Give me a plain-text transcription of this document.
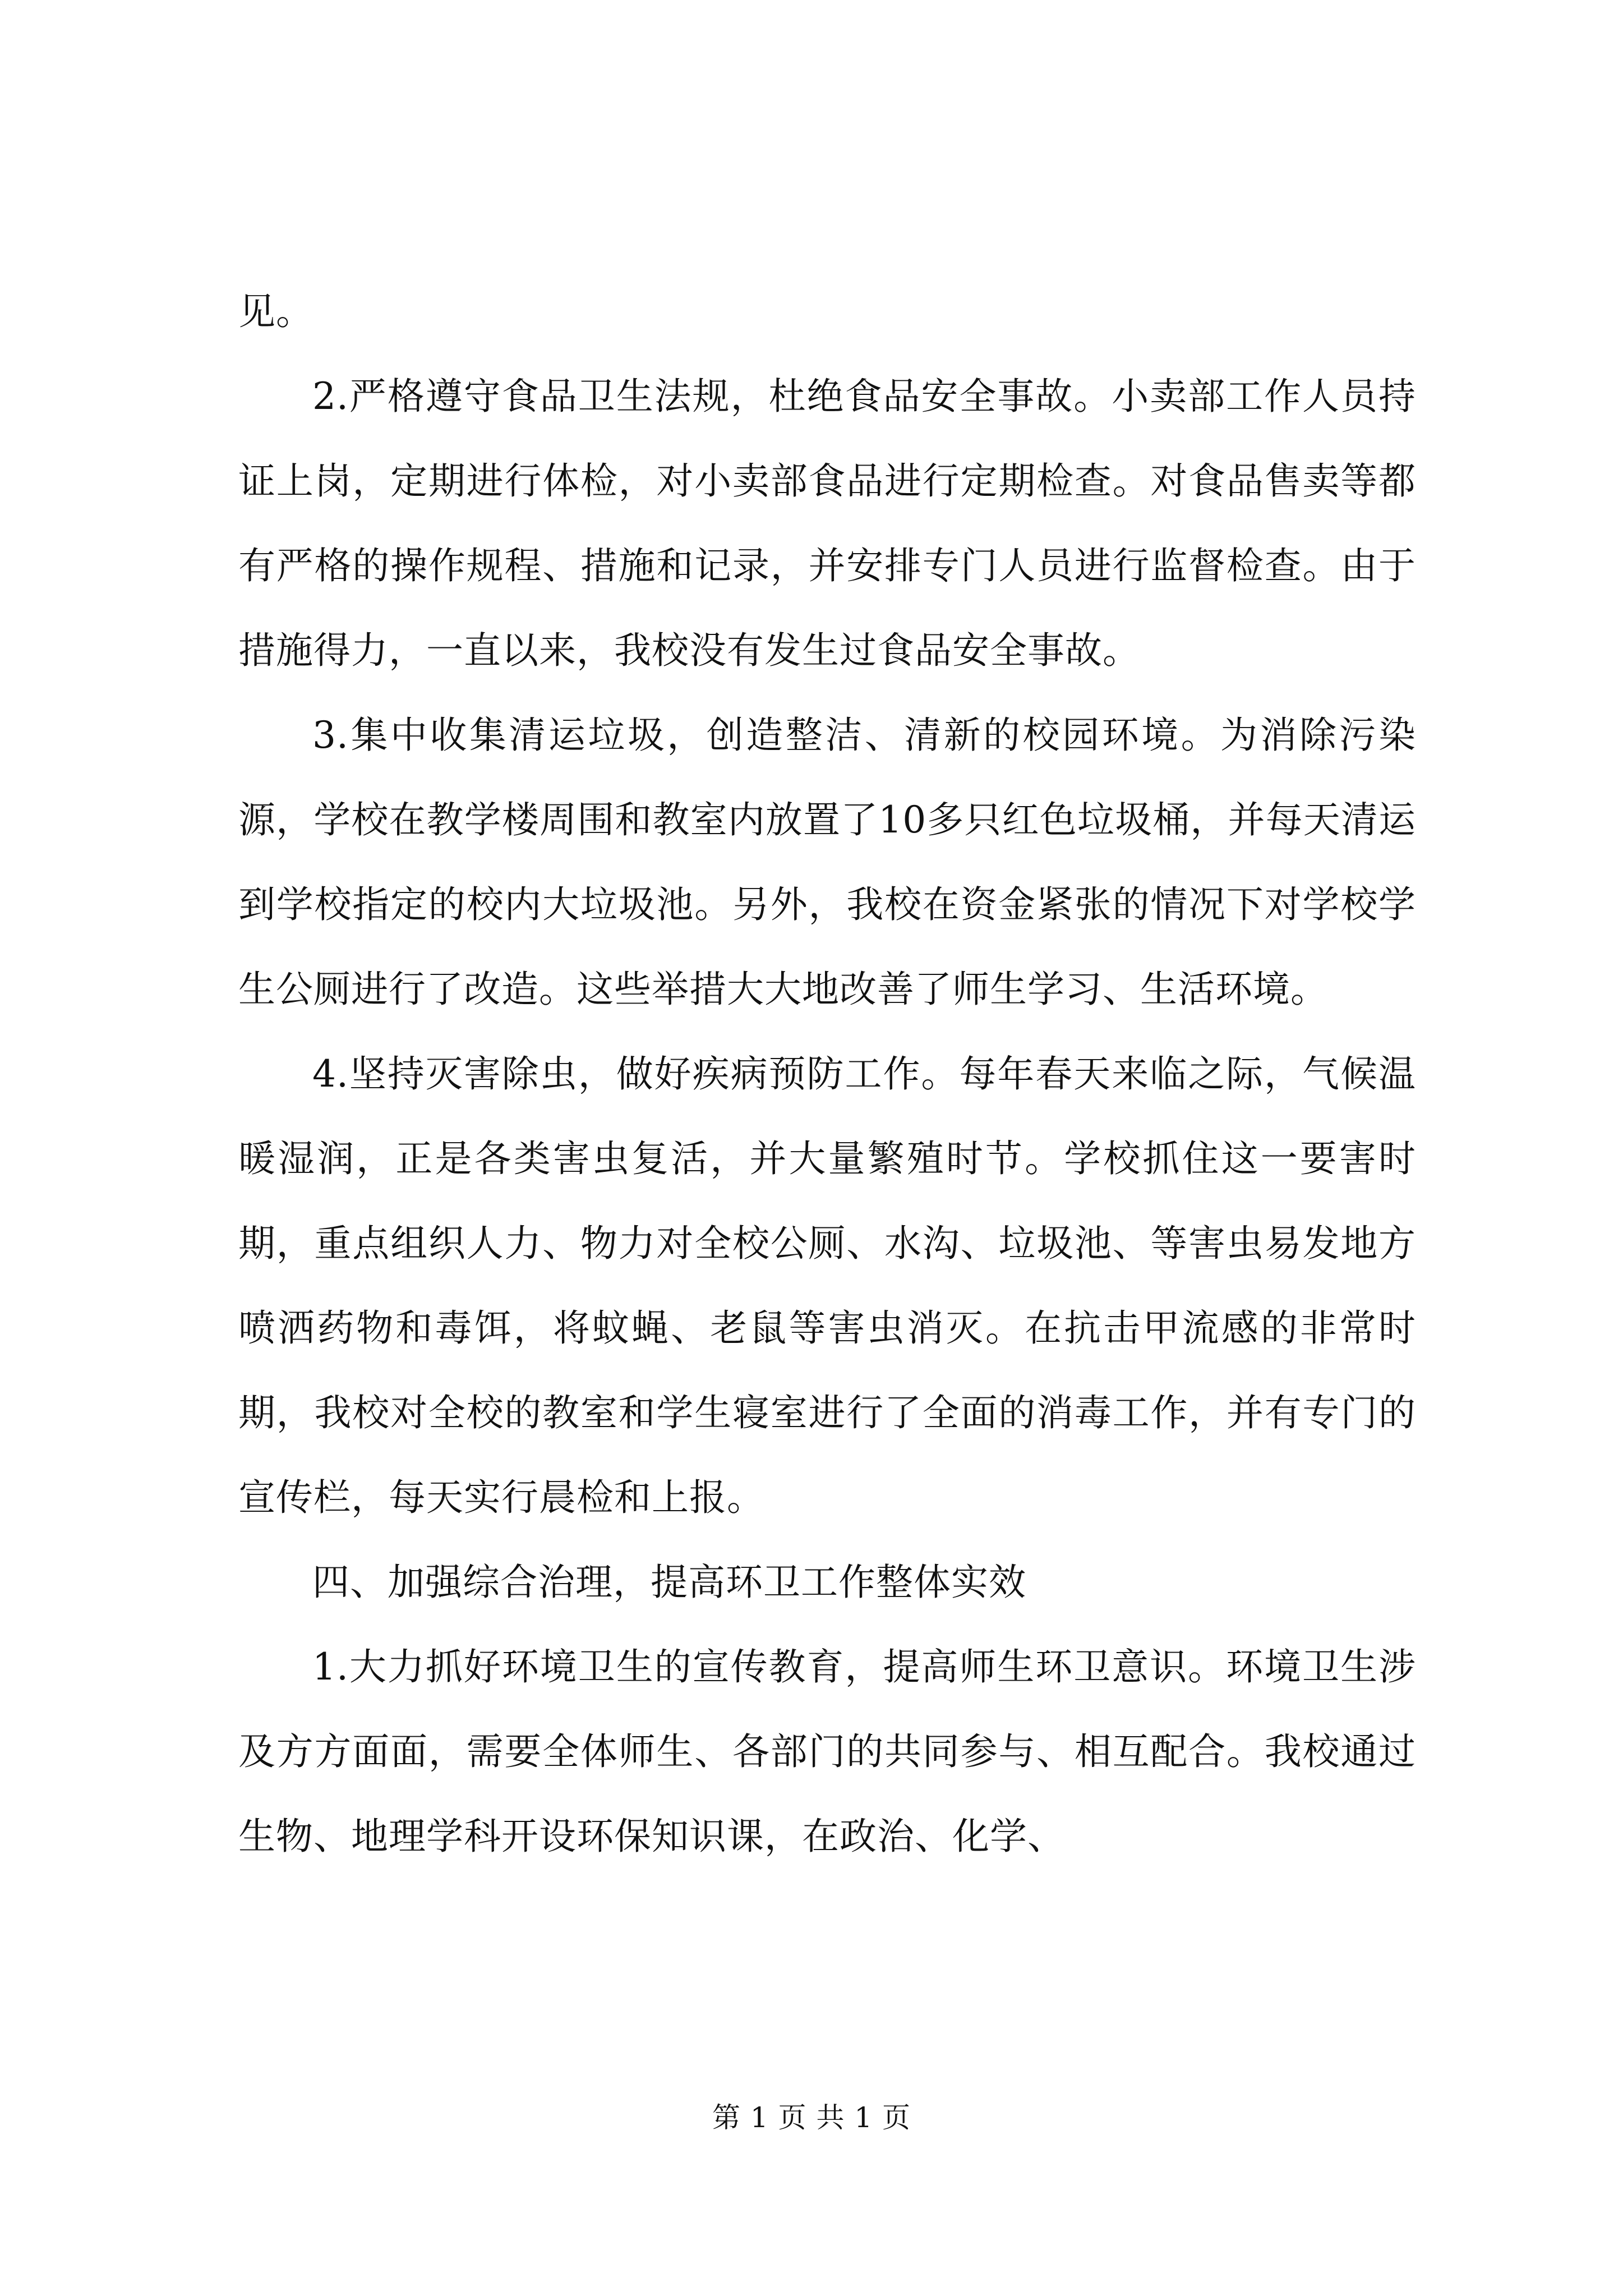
见。

2.严格遵守食品卫生法规，杜绝食品安全事故。小卖部工作人员持证上岗，定期进行体检，对小卖部食品进行定期检查。对食品售卖等都有严格的操作规程、措施和记录，并安排专门人员进行监督检查。由于措施得力，一直以来，我校没有发生过食品安全事故。

3.集中收集清运垃圾，创造整洁、清新的校园环境。为消除污染源，学校在教学楼周围和教室内放置了10多只红色垃圾桶，并每天清运到学校指定的校内大垃圾池。另外，我校在资金紧张的情况下对学校学生公厕进行了改造。这些举措大大地改善了师生学习、生活环境。

4.坚持灭害除虫，做好疾病预防工作。每年春天来临之际，气候温暖湿润，正是各类害虫复活，并大量繁殖时节。学校抓住这一要害时期，重点组织人力、物力对全校公厕、水沟、垃圾池、等害虫易发地方喷洒药物和毒饵，将蚊蝇、老鼠等害虫消灭。在抗击甲流感的非常时期，我校对全校的教室和学生寝室进行了全面的消毒工作，并有专门的宣传栏，每天实行晨检和上报。

四、加强综合治理，提高环卫工作整体实效

1.大力抓好环境卫生的宣传教育，提高师生环卫意识。环境卫生涉及方方面面，需要全体师生、各部门的共同参与、相互配合。我校通过生物、地理学科开设环保知识课，在政治、化学、

第 1 页 共 1 页
